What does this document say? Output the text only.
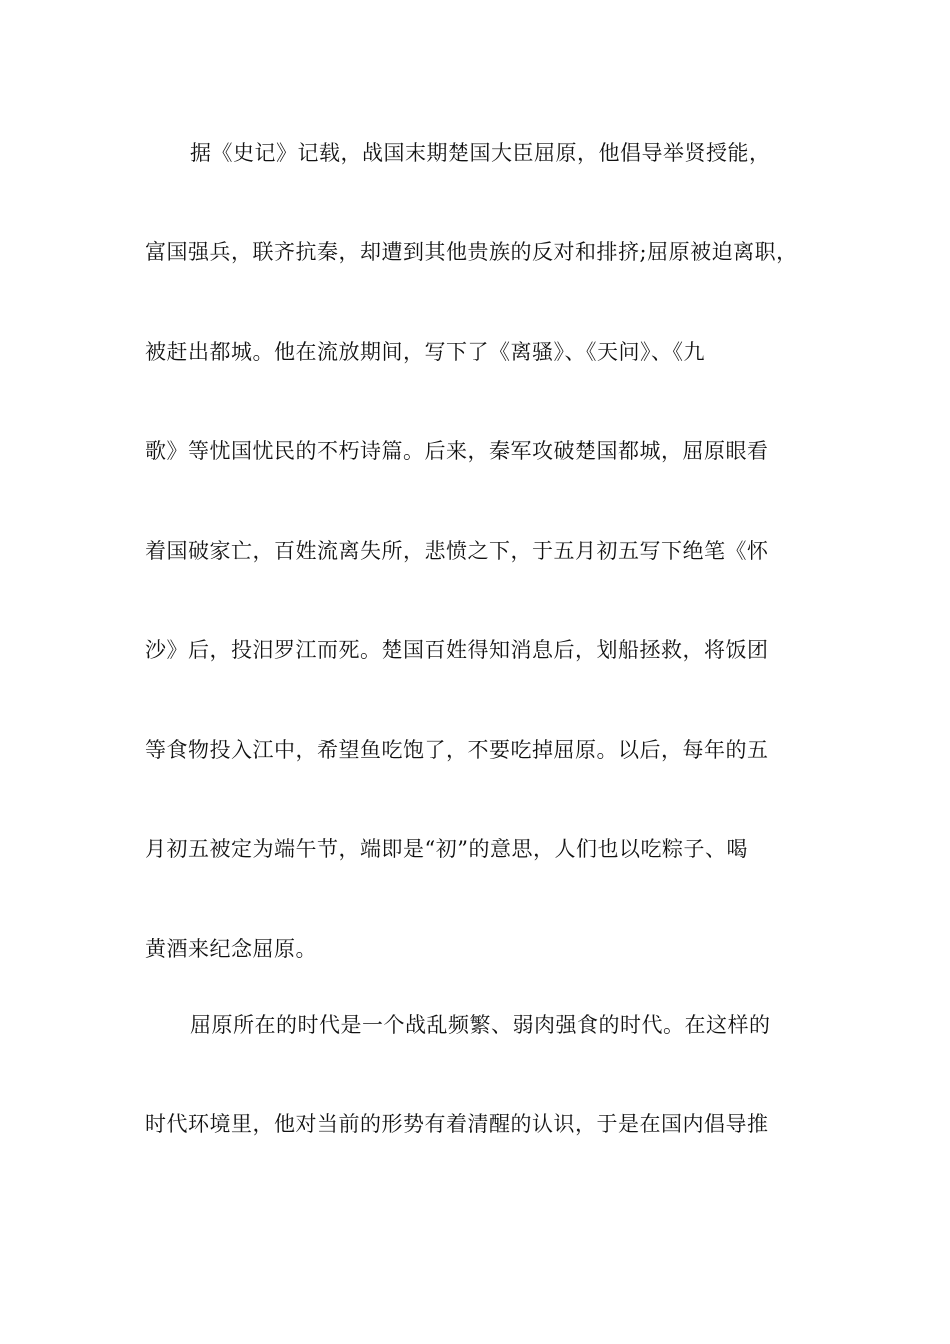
据《史记》记载，战国末期楚国大臣屈原，他倡导举贤授能，
富国强兵，联齐抗秦，却遭到其他贵族的反对和排挤;屈原被迫离职，
被赶出都城。他在流放期间，写下了《离骚》、《天问》、《九
歌》等忧国忧民的不朽诗篇。后来，秦军攻破楚国都城，屈原眼看
着国破家亡，百姓流离失所，悲愤之下，于五月初五写下绝笔《怀
沙》后，投汨罗江而死。楚国百姓得知消息后，划船拯救，将饭团
等食物投入江中，希望鱼吃饱了，不要吃掉屈原。以后，每年的五
月初五被定为端午节，端即是“初”的意思，人们也以吃粽子、喝
黄酒来纪念屈原。
屈原所在的时代是一个战乱频繁、弱肉强食的时代。在这样的
时代环境里，他对当前的形势有着清醒的认识，于是在国内倡导推
